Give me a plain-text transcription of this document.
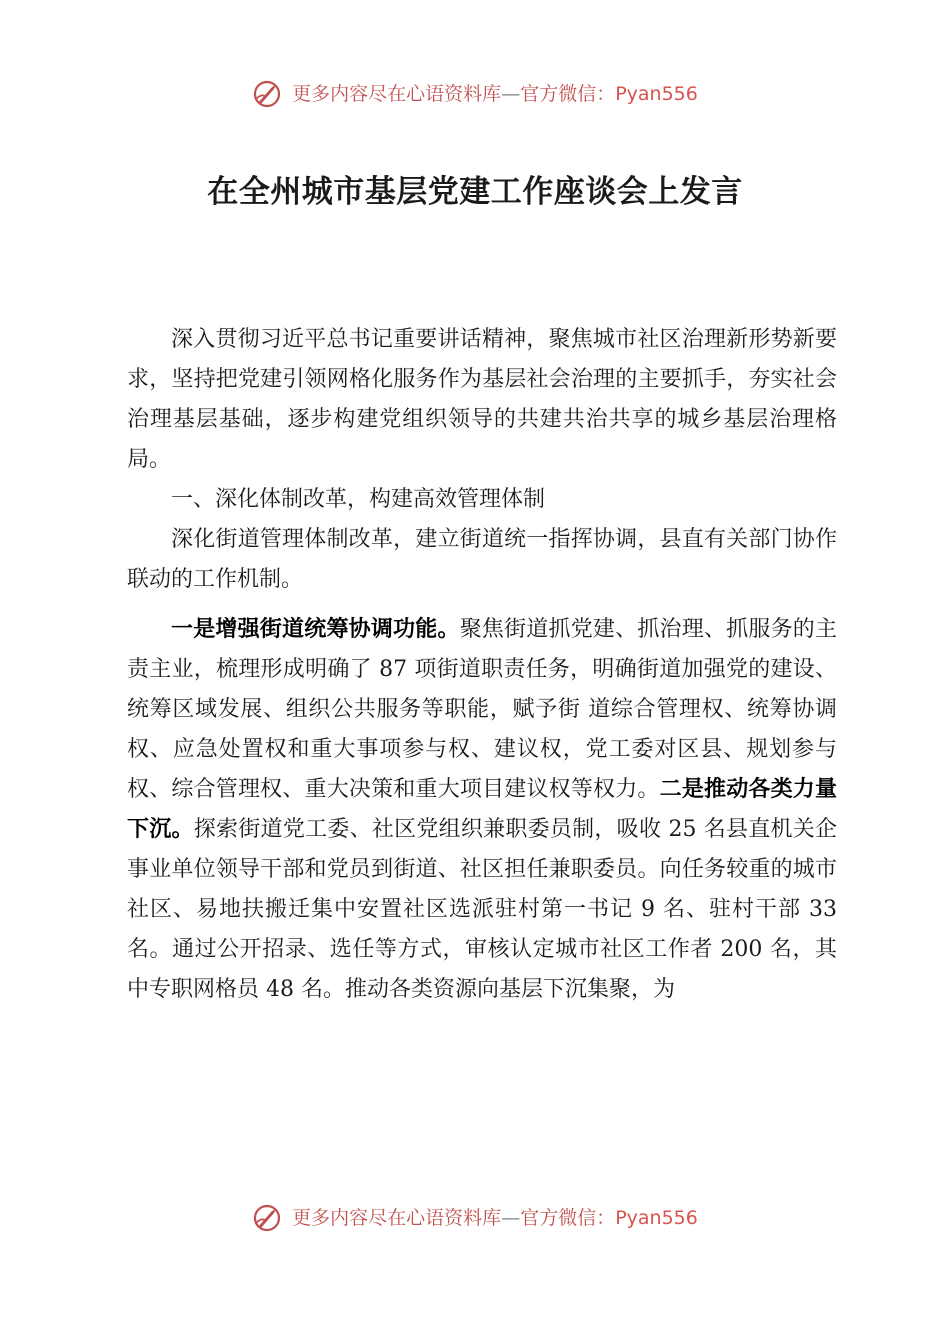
更多内容尽在心语资料库—官方微信：Pyan556
在全州城市基层党建工作座谈会上发言

深入贯彻习近平总书记重要讲话精神，聚焦城市社区治理新形势新要求，坚持把党建引领网格化服务作为基层社会治理的主要抓手，夯实社会治理基层基础，逐步构建党组织领导的共建共治共享的城乡基层治理格局。

一、深化体制改革，构建高效管理体制

深化街道管理体制改革，建立街道统一指挥协调，县直有关部门协作联动的工作机制。

一是增强街道统筹协调功能。聚焦街道抓党建、抓治理、抓服务的主责主业，梳理形成明确了 87 项街道职责任务，明确街道加强党的建设、统筹区域发展、组织公共服务等职能，赋予街 道综合管理权、统筹协调权、应急处置权和重大事项参与权、建议权，党工委对区县、规划参与权、综合管理权、重大决策和重大项目建议权等权力。二是推动各类力量下沉。探索街道党工委、社区党组织兼职委员制，吸收 25 名县直机关企事业单位领导干部和党员到街道、社区担任兼职委员。向任务较重的城市社区、易地扶搬迁集中安置社区选派驻村第一书记 9 名、驻村干部 33 名。通过公开招录、选任等方式，审核认定城市社区工作者 200 名，其中专职网格员 48 名。推动各类资源向基层下沉集聚，为

更多内容尽在心语资料库—官方微信：Pyan556
